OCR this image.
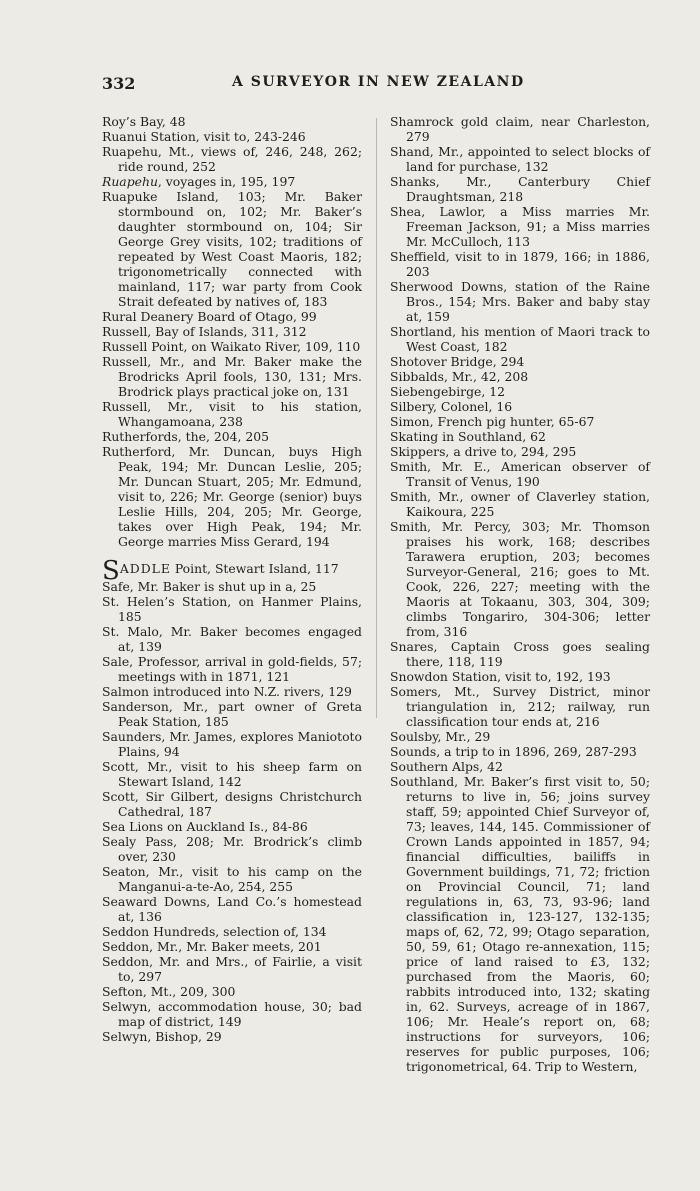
332	A SURVEYOR IN NEW ZEALAND

Roy’s Bay, 48

Ruanui Station, visit to, 243-246

Ruapehu, Mt., views of, 246, 248, 262; ride round, 252

Ruapehu, voyages in, 195, 197

Ruapuke Island, 103; Mr. Baker stormbound on, 102; Mr. Baker’s daughter stormbound on, 104; Sir George Grey visits, 102; traditions of repeated by West Coast Maoris, 182; trigonometrically connected with mainland, 117; war party from Cook Strait defeated by natives of, 183

Rural Deanery Board of Otago, 99

Russell, Bay of Islands, 311, 312

Russell Point, on Waikato River, 109, 110

Russell, Mr., and Mr. Baker make the Brodricks April fools, 130, 131; Mrs. Brodrick plays practical joke on, 131

Russell, Mr., visit to his station, Whangamoana, 238

Rutherfords, the, 204, 205

Rutherford, Mr. Duncan, buys High Peak, 194; Mr. Duncan Leslie, 205; Mr. Duncan Stuart, 205; Mr. Edmund, visit to, 226; Mr. George (senior) buys Leslie Hills, 204, 205; Mr. George, takes over High Peak, 194; Mr. George marries Miss Gerard, 194

SADDLE Point, Stewart Island, 117

Safe, Mr. Baker is shut up in a, 25

St. Helen’s Station, on Hanmer Plains, 185

St. Malo, Mr. Baker becomes engaged at, 139

Sale, Professor, arrival in gold-fields, 57; meetings with in 1871, 121

Salmon introduced into N.Z. rivers, 129

Sanderson, Mr., part owner of Greta Peak Station, 185

Saunders, Mr. James, explores Maniototo Plains, 94

Scott, Mr., visit to his sheep farm on Stewart Island, 142

Scott, Sir Gilbert, designs Christchurch Cathedral, 187

Sea Lions on Auckland Is., 84-86

Sealy Pass, 208; Mr. Brodrick’s climb over, 230

Seaton, Mr., visit to his camp on the Manganui-a-te-Ao, 254, 255

Seaward Downs, Land Co.’s homestead at, 136

Seddon Hundreds, selection of, 134

Seddon, Mr., Mr. Baker meets, 201

Seddon, Mr. and Mrs., of Fairlie, a visit to, 297

Sefton, Mt., 209, 300

Selwyn, accommodation house, 30; bad map of district, 149

Selwyn, Bishop, 29

Shamrock gold claim, near Charleston, 279

Shand, Mr., appointed to select blocks of land for purchase, 132

Shanks, Mr., Canterbury Chief Draughtsman, 218

Shea, Lawlor, a Miss marries Mr. Freeman Jackson, 91; a Miss marries Mr. McCulloch, 113

Sheffield, visit to in 1879, 166; in 1886, 203

Sherwood Downs, station of the Raine Bros., 154; Mrs. Baker and baby stay at, 159

Shortland, his mention of Maori track to West Coast, 182

Shotover Bridge, 294

Sibbalds, Mr., 42, 208

Siebengebirge, 12

Silbery, Colonel, 16

Simon, French pig hunter, 65-67

Skating in Southland, 62

Skippers, a drive to, 294, 295

Smith, Mr. E., American observer of Transit of Venus, 190

Smith, Mr., owner of Claverley station, Kaikoura, 225

Smith, Mr. Percy, 303; Mr. Thomson praises his work, 168; describes Tarawera eruption, 203; becomes Surveyor-General, 216; goes to Mt. Cook, 226, 227; meeting with the Maoris at Tokaanu, 303, 304, 309; climbs Tongariro, 304-306; letter from, 316

Snares, Captain Cross goes sealing there, 118, 119

Snowdon Station, visit to, 192, 193

Somers, Mt., Survey District, minor triangulation in, 212; railway, run classification tour ends at, 216

Soulsby, Mr., 29

Sounds, a trip to in 1896, 269, 287-293

Southern Alps, 42

Southland, Mr. Baker’s first visit to, 50; returns to live in, 56; joins survey staff, 59; appointed Chief Surveyor of, 73; leaves, 144, 145. Commissioner of Crown Lands appointed in 1857, 94; financial difficulties, bailiffs in Government buildings, 71, 72; friction on Provincial Council, 71; land regulations in, 63, 73, 93-96; land classification in, 123-127, 132-135; maps of, 62, 72, 99; Otago separation, 50, 59, 61; Otago re-annexation, 115; price of land raised to £3, 132; purchased from the Maoris, 60; rabbits introduced into, 132; skating in, 62. Surveys, acreage of in 1867, 106; Mr. Heale’s report on, 68; instructions for surveyors, 106; reserves for public purposes, 106; trigonometrical, 64. Trip to Western,
